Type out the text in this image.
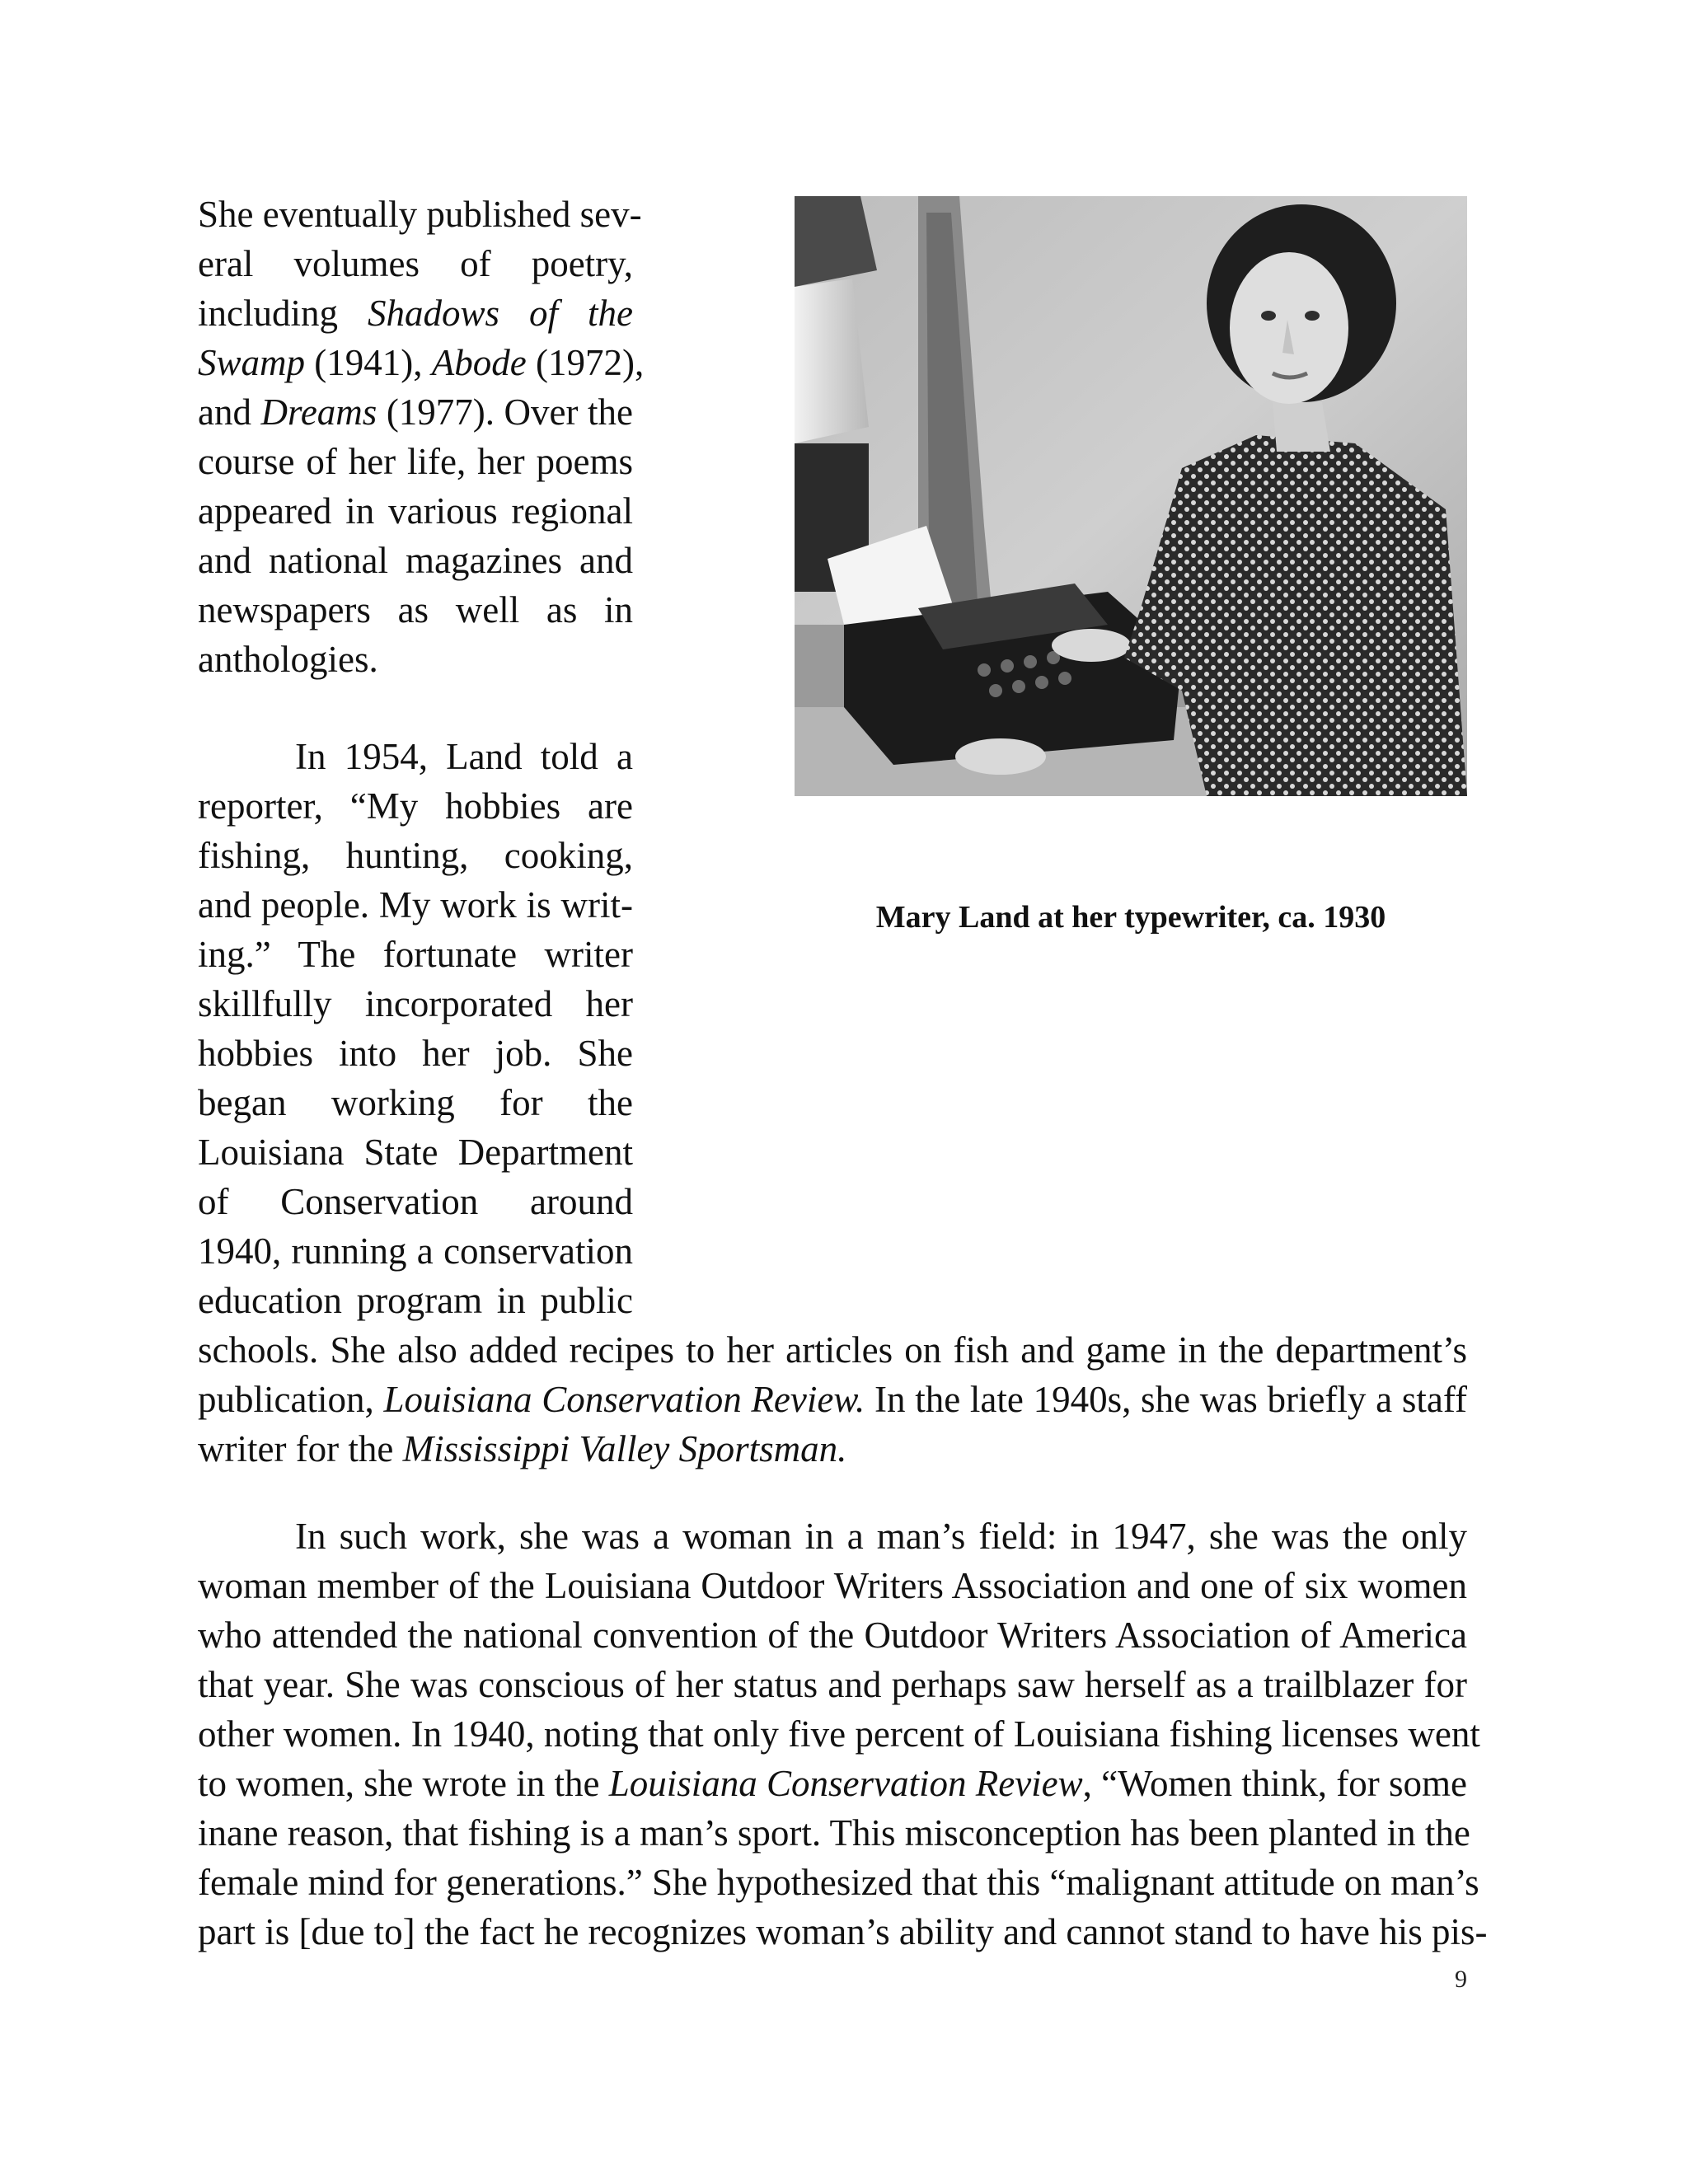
She eventually published sev-
eral volumes of poetry,
including Shadows of the
Swamp (1941), Abode (1972),
and Dreams (1977). Over the
course of her life, her poems
appeared in various regional
and national magazines and
newspapers as well as in
anthologies.
In 1954, Land told a
reporter, “My hobbies are
fishing, hunting, cooking,
and people. My work is writ-
ing.” The fortunate writer
skillfully incorporated her
hobbies into her job. She
began working for the
Louisiana State Department
of Conservation around
1940, running a conservation
education program in public
schools. She also added recipes to her articles on fish and game in the department’s
publication, Louisiana Conservation Review. In the late 1940s, she was briefly a staff
writer for the Mississippi Valley Sportsman.
In such work, she was a woman in a man’s field: in 1947, she was the only
woman member of the Louisiana Outdoor Writers Association and one of six women
who attended the national convention of the Outdoor Writers Association of America
that year. She was conscious of her status and perhaps saw herself as a trailblazer for
other women. In 1940, noting that only five percent of Louisiana fishing licenses went
to women, she wrote in the Louisiana Conservation Review, “Women think, for some
inane reason, that fishing is a man’s sport. This misconception has been planted in the
female mind for generations.” She hypothesized that this “malignant attitude on man’s
part is [due to] the fact he recognizes woman’s ability and cannot stand to have his pis-
Mary Land at her typewriter, ca. 1930
9
